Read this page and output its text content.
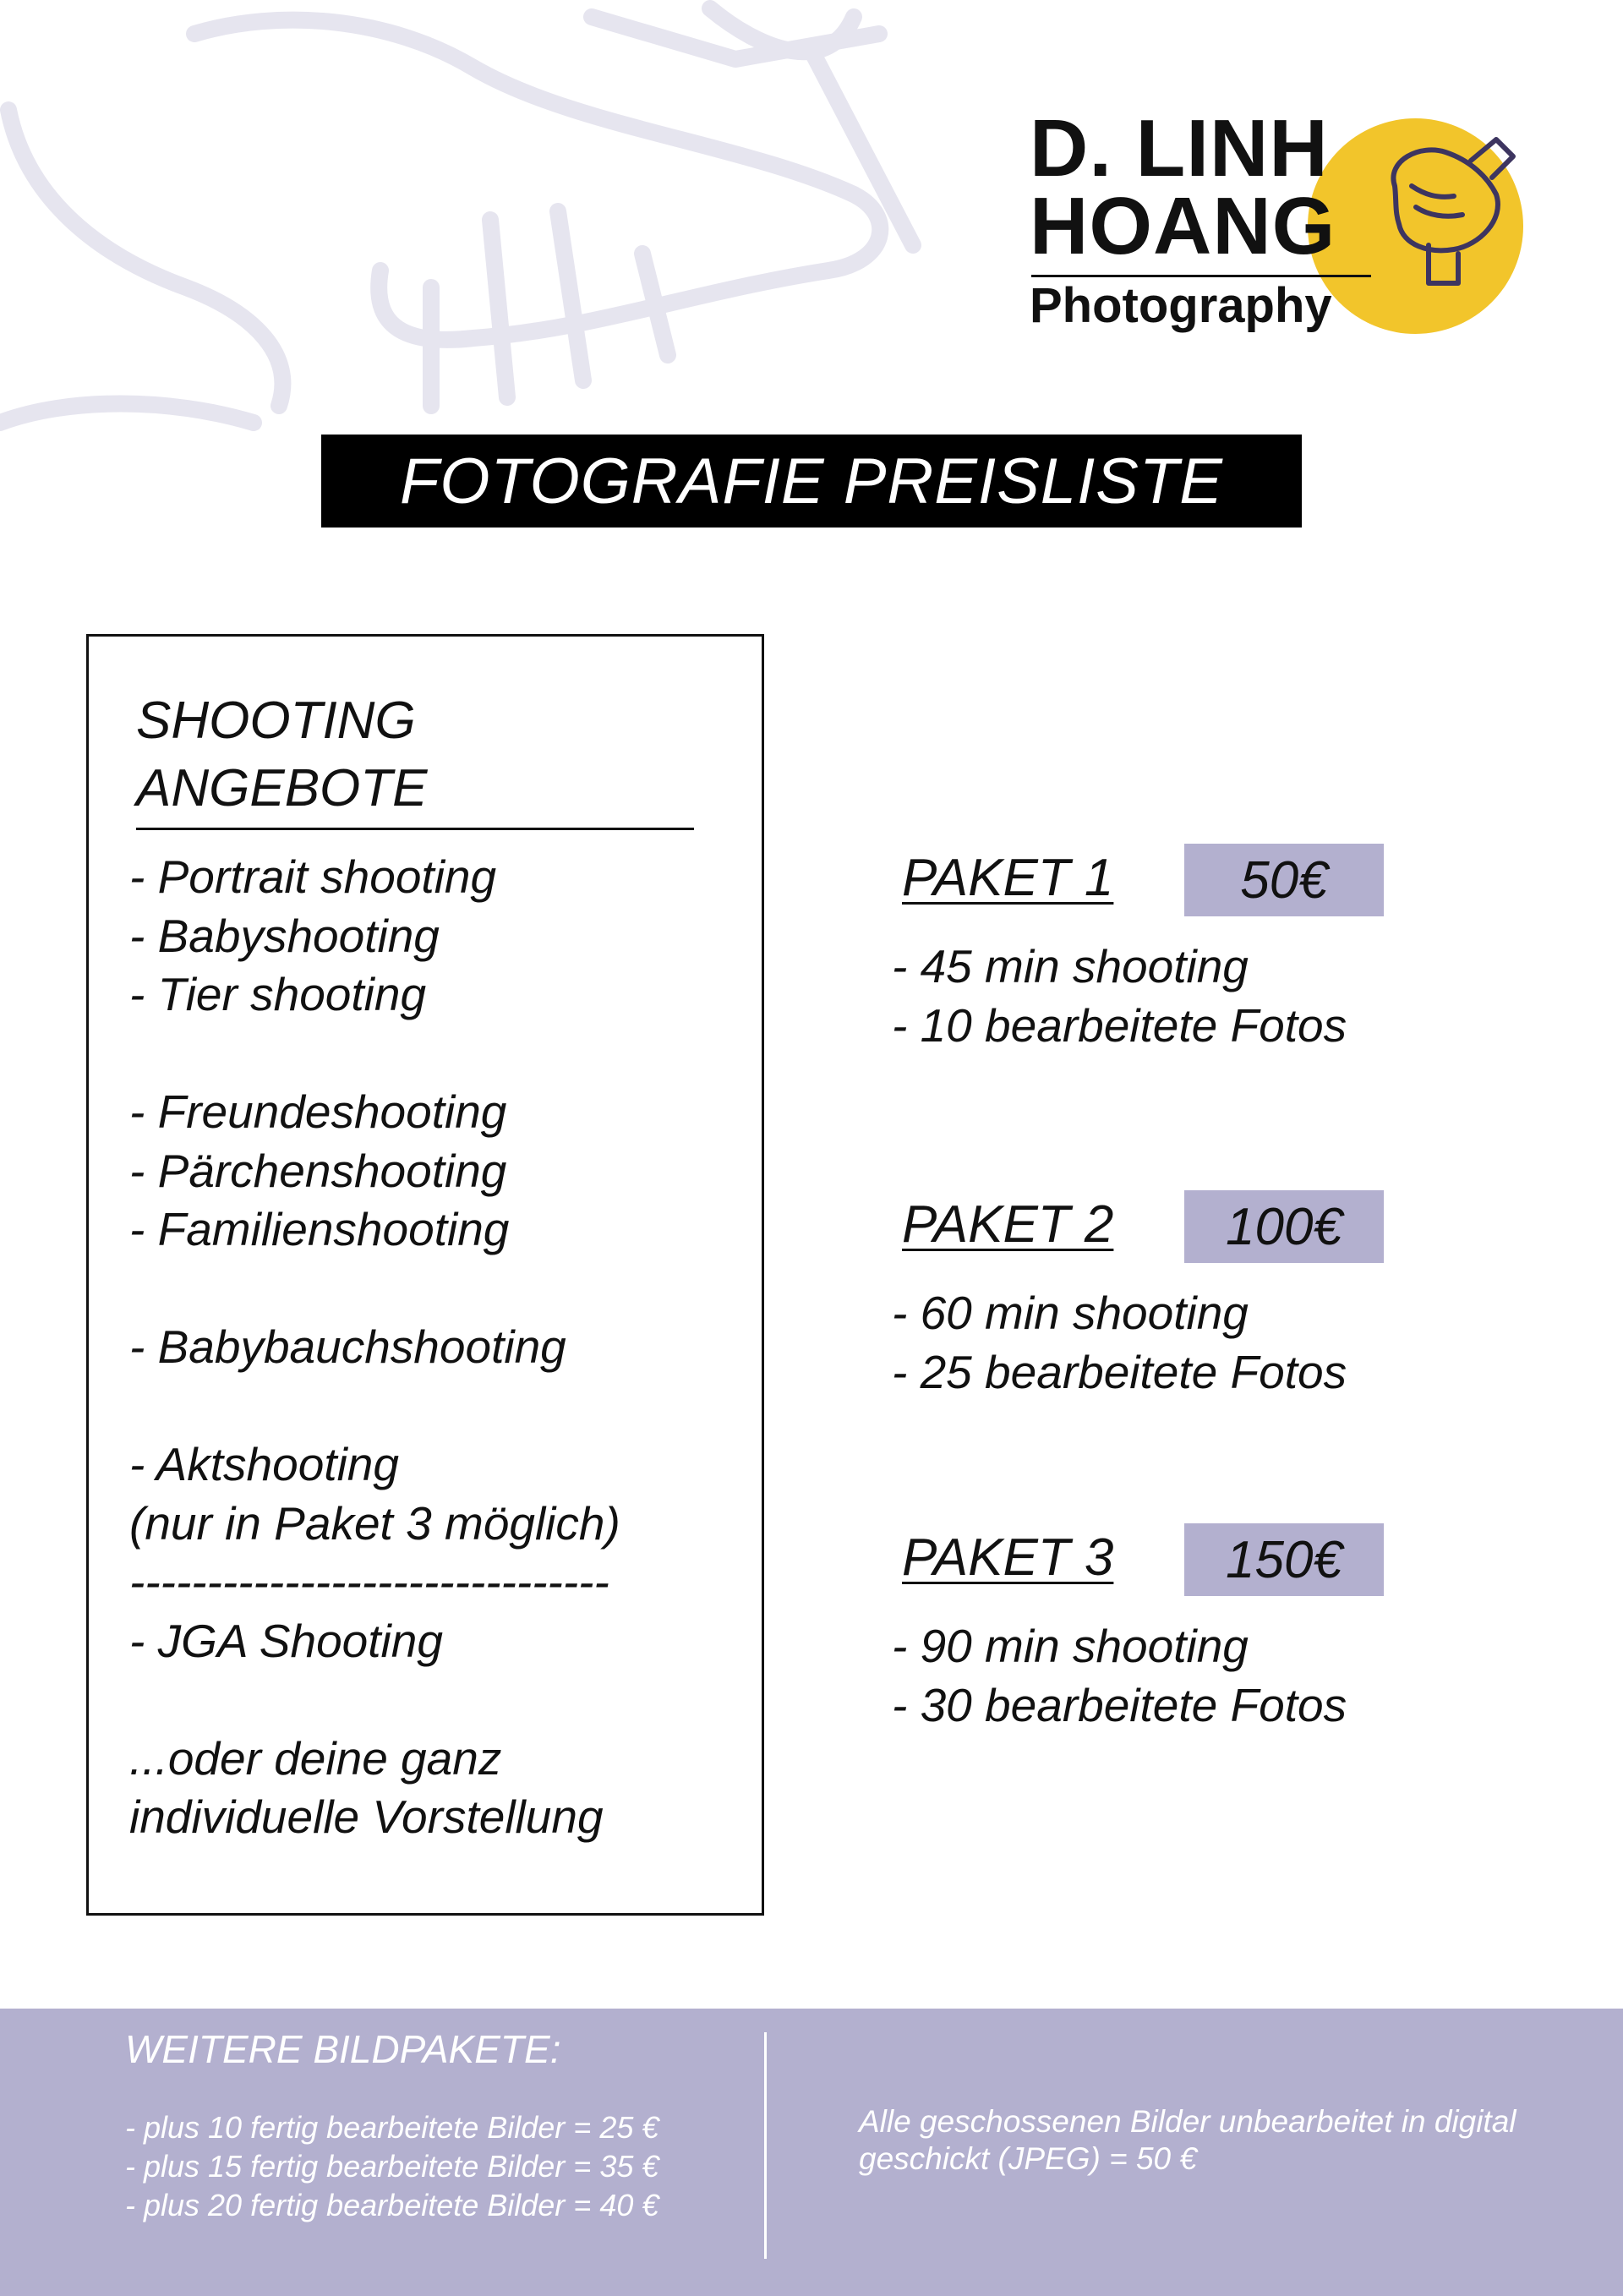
D. LINH
HOANG
Photography
FOTOGRAFIE PREISLISTE
SHOOTING ANGEBOTE
- Portrait shooting
- Babyshooting
- Tier shooting
- Freundeshooting
- Pärchenshooting
- Familienshooting
- Babybauchshooting
- Aktshooting
(nur in Paket 3 möglich)
-------------------------------
- JGA Shooting
...oder deine ganz
individuelle Vorstellung
PAKET 1	50€
- 45 min shooting
- 10 bearbeitete Fotos
PAKET 2	100€
- 60 min shooting
- 25 bearbeitete Fotos
PAKET 3	150€
- 90 min shooting
- 30 bearbeitete Fotos
WEITERE BILDPAKETE:
- plus 10 fertig bearbeitete Bilder = 25 €
- plus 15 fertig bearbeitete Bilder = 35 €
- plus 20 fertig bearbeitete Bilder = 40 €
Alle geschossenen Bilder unbearbeitet in digital geschickt (JPEG) = 50 €
